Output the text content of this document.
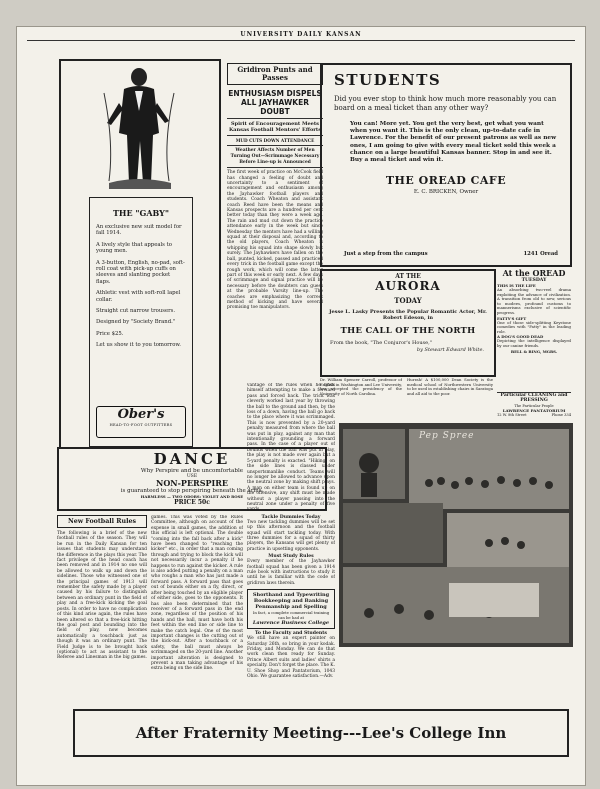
UNIVERSITY DAILY KANSAN
THE "GABY"
An exclusive new suit model for fall 1914.
A lively style that appeals to young men.
A 3-button, English, no-pad, soft-roll coat with pick-up cuffs on sleeves and slanting pocket flaps.
Athletic vest with soft-roll lapel collar.
Straight cut narrow trousers.
Designed by "Society Brand."
Price $25.
Let us show it to you tomorrow.
Ober's
HEAD-TO-FOOT OUTFITTERS
Gridiron Punts and Passes
ENTHUSIASM DISPELS ALL JAYHAWKER DOUBT
Spirit of Encouragement Meets Kansas Football Mentors' Efforts
MUD CUTS DOWN ATTENDANCE
Weather Affects Number of Men Turning Out—Scrimmage Necessary Before Line-up is Announced
The first week of practice on McCook field has changed a feeling of doubt and uncertainty to a sentiment of encouragement and enthusiasm among the Jayhawker football players and students. Coach Wheaton and assistant coach Reed have been the means and Kansas prospects are a hundred per cent better today than they were a week ago. The rain and mud cut down the practice attendance early in the week but since Wednesday the mentors have had a willing squad at their disposal and, according to the old players, Coach Wheaton is whipping his squad into shape slowly but surely. The Jayhawkers have fallen on the ball, punted, kicked, passed and practiced every trick in the football game except the rough work, which will come the latter part of this week or early next. A few days of scrimmage and signal practice will be necessary before the doubters can guess at the probable Varsity line-up. The coaches are emphasizing the correct method of kicking and have several promising toe manipulators.
STUDENTS
Did you ever stop to think how much more reasonably you can board on a meal ticket than any other way?
You can! More yet. You get the very best, get what you want when you want it. This is the only clean, up-to-date cafe in Lawrence. For the benefit of our present patrons as well as new ones, I am going to give with every meal ticket sold this week a chance on a large beautiful Kansas banner. Stop in and see it. Buy a meal ticket and win it.
THE OREAD CAFE
E. C. BRICKEN, Owner
Just a step from the campus	1241 Oread
AT THE
AURORA
TODAY
Jesse L. Lasky Presents the Popular Romantic Actor, Mr. Robert Edeson, in
THE CALL OF THE NORTH
From the book, "The Conjuror's House,"
by Stewart Edward White.
At the OREAD
TUESDAY
THIS IS THE LIFE
An absorbing two-reel drama exploiting the advance of civilization. A transition from old to new, serious to modern, profound customs to mannerisms exclusive of scientific progress.
FATTY'S GIFT
One of those side-splitting Keystone comedies with "Fatty" in the leading role.
A DOG'S GOOD DEAD
Depicting the intelligence displayed by our canine friends.
BELL & BING, MGRS.
Particular CLEANING and PRESSING
The Particular People
LAWRENCE PANTATORIUM
12 W. 8th Street	Phone 334
Dr. William Spencer Carroll, professor of English in Washington and Lee University, has accepted the presidency of the University of North Carolina.
Hurrah! A $100,000 Dean Society is the medical school of Northwestern University to be used in establishing chairs in Saratoga and all aid to the poor.
Pep Spree
DANCE
Why Perspire and be uncomfortable
USE
NON-PERSPIRE
is guaranteed to stop perspiring beneath the arms.
HARMLESS — TWO ODORS: VIOLET AND ROSE
PRICE 50c
New Football Rules
The following is a brief of the new football rules of the season. They will be run in the Daily Kansan for ten issues that students may understand the difference in the plays this year. The fact privilege of the head coach has been removed and in 1914 no one will be allowed to walk up and down the sidelines. Those who witnessed one of the principal games of 1913 will remember the safety made by a player caused by his failure to distinguish between an ordinary punt in the field of play and a free-kick kicking the goal posts. In order to have no complication of this kind arise again, the rules have been altered so that a free-kick hitting the goal post and bounding into the field of play, now becomes automatically a touchback just as though it was an ordinary punt. The Field Judge is to be brought back (optional) to act as assistant to the Referee and Linesman in the big games.
games. This was voted by the Rules Committee, although on account of the expense in small games, the addition of this official is left optional. The double "coming into the fall back after a kick" have been changed to "reaching the kicker" etc., in order that a man coming through and trying to block the kick will not necessarily incur a penalty if he happens to run against the kicker. A rule is also added putting a penalty on a man who roughs a man who has just made a forward pass. A forward pass that goes out of bounds either on a fly, direct, or after being touched by an eligible player of either side, goes to the opponents. It has also been determined that the receiver of a forward pass in the end zone, regardless of the position of his hands and the ball, must have both his feet within the end line or side line to make the catch legal. One of the most important changes is the cutting out of the kick-out. After a touchback or a safety, the ball must always be scrimmaged on the 20-yard line. Another important alteration is designed to prevent a man taking advantage of his extra being on the side line.
vantage of the rules when he finds himself attempting to make a forward pass and forced back. The trick was cleverly worked last year by throwing the ball to the ground and then, by the loss of a down, having the ball go back to the place where it was scrimmaged. This is now prevented by a 20-yard penalty measured from where the ball was put in play, against any man that intentionally grounding a forward pass. In the case of a player out of bounds when the ball was put in play, the play is not made over again but a 5-yard penalty is exacted. "Hiking" on the side lines is classed under unsportsmanlike conduct. Teams will no longer be allowed to advance upon the neutral zone by making shift plays. A man on either team is found up on the offensive, any shift must be made without a player passing into the neutral zone under a penalty of five yards.
Tackle Dummies Today
Two new tackling dummies will be set up this afternoon and the football squad will start tackling today. With three dummies for a squad of thirty players, the Kansans will get plenty of practice in upsetting opponents.
Must Study Rules
Every member of the Jayhawker football squad has been given a 1914 rule book with instructions to study it until he is familiar with the code of gridiron laws therein.
Shorthand and Typewriting Bookkeeping and Banking Penmanship and Spelling
In fact, a complete commercial training can be had at
Lawrence Business College
To the Faculty and Students
We still have an expert painter on Saturday 26th, so bring in your kodak. Friday, and Monday. We can do that work clean then ready for Sunday. Prince Albert suits and ladies' shirts a specialty. Don't forget the place. The K. U. Shoe Shop and Pantatorium, 1043 Ohio. We guarantee satisfaction.—Adv.
After Fraternity Meeting---Lee's College Inn
